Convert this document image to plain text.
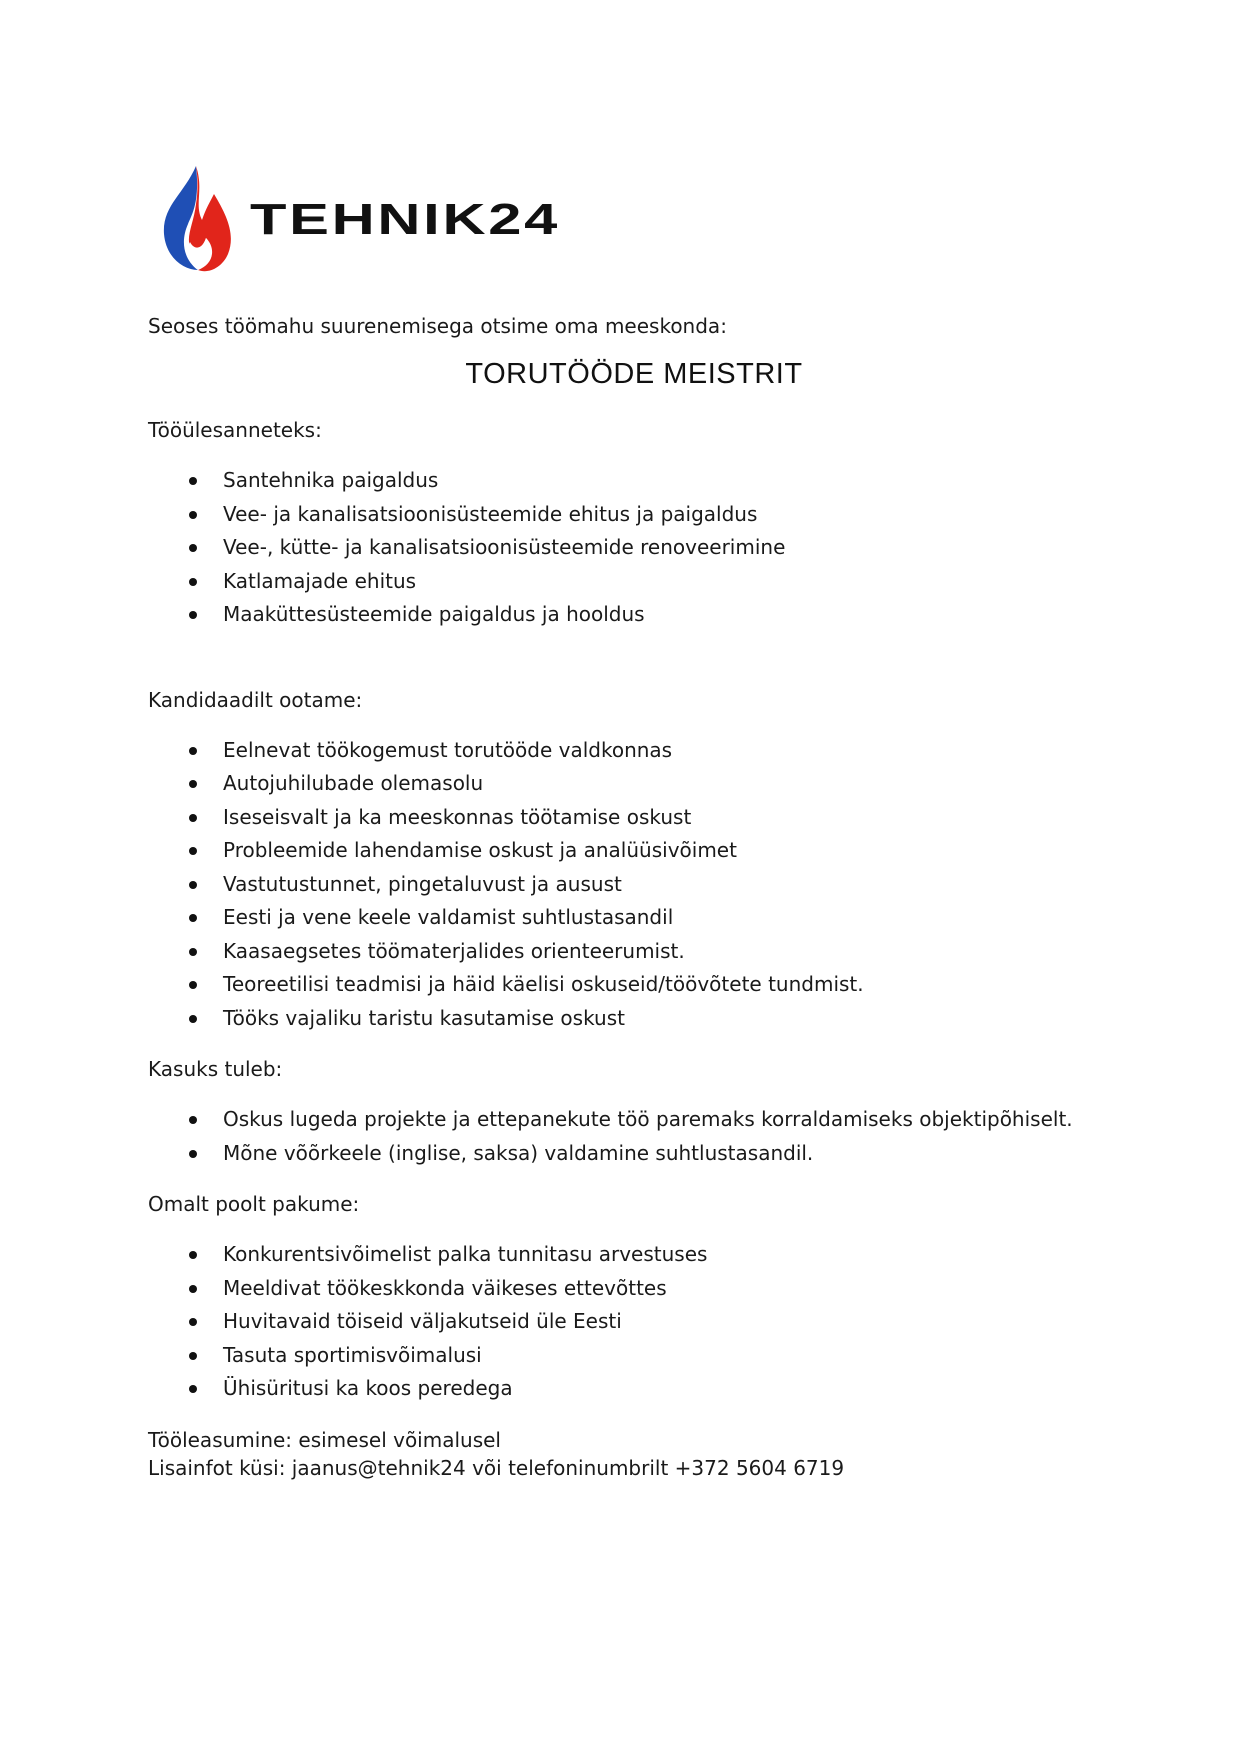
TEHNIK24

Seoses töömahu suurenemisega otsime oma meeskonda:

TORUTÖÖDE MEISTRIT

Tööülesanneteks:

Santehnika paigaldus
Vee- ja kanalisatsioonisüsteemide ehitus ja paigaldus
Vee-, kütte- ja kanalisatsioonisüsteemide renoveerimine
Katlamajade ehitus
Maaküttesüsteemide paigaldus ja hooldus

Kandidaadilt ootame:

Eelnevat töökogemust torutööde valdkonnas
Autojuhilubade olemasolu
Iseseisvalt ja ka meeskonnas töötamise oskust
Probleemide lahendamise oskust ja analüüsivõimet
Vastutustunnet, pingetaluvust ja ausust
Eesti ja vene keele valdamist suhtlustasandil
Kaasaegsetes töömaterjalides orienteerumist.
Teoreetilisi teadmisi ja häid käelisi oskuseid/töövõtete tundmist.
Tööks vajaliku taristu kasutamise oskust

Kasuks tuleb:

Oskus lugeda projekte ja ettepanekute töö paremaks korraldamiseks objektipõhiselt.
Mõne võõrkeele (inglise, saksa) valdamine suhtlustasandil.

Omalt poolt pakume:

Konkurentsivõimelist palka tunnitasu arvestuses
Meeldivat töökeskkonda väikeses ettevõttes
Huvitavaid töiseid väljakutseid üle Eesti
Tasuta sportimisvõimalusi
Ühisüritusi ka koos peredega

Tööleasumine: esimesel võimalusel

Lisainfot küsi: jaanus@tehnik24 või telefoninumbrilt +372 5604 6719
